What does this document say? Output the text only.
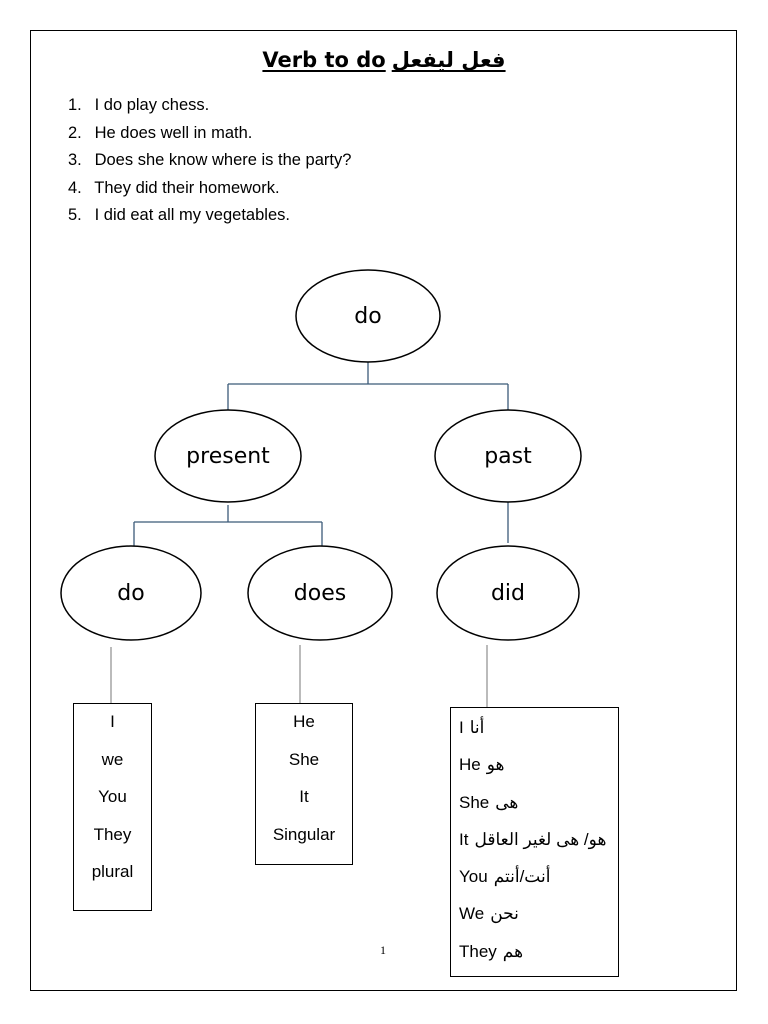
Verb to do فعل ليفعل
1. I do play chess.
2. He does well in math.
3. Does she know where is the party?
4. They did their homework.
5. I did eat all my vegetables.
do
present	past
do	does	did
I
we
You
They
plural
He
She
It
Singular
I أنا
He هو
She هى
It هو/ هى لغير العاقل
You أنت/أنتم
We نحن
They هم
1
